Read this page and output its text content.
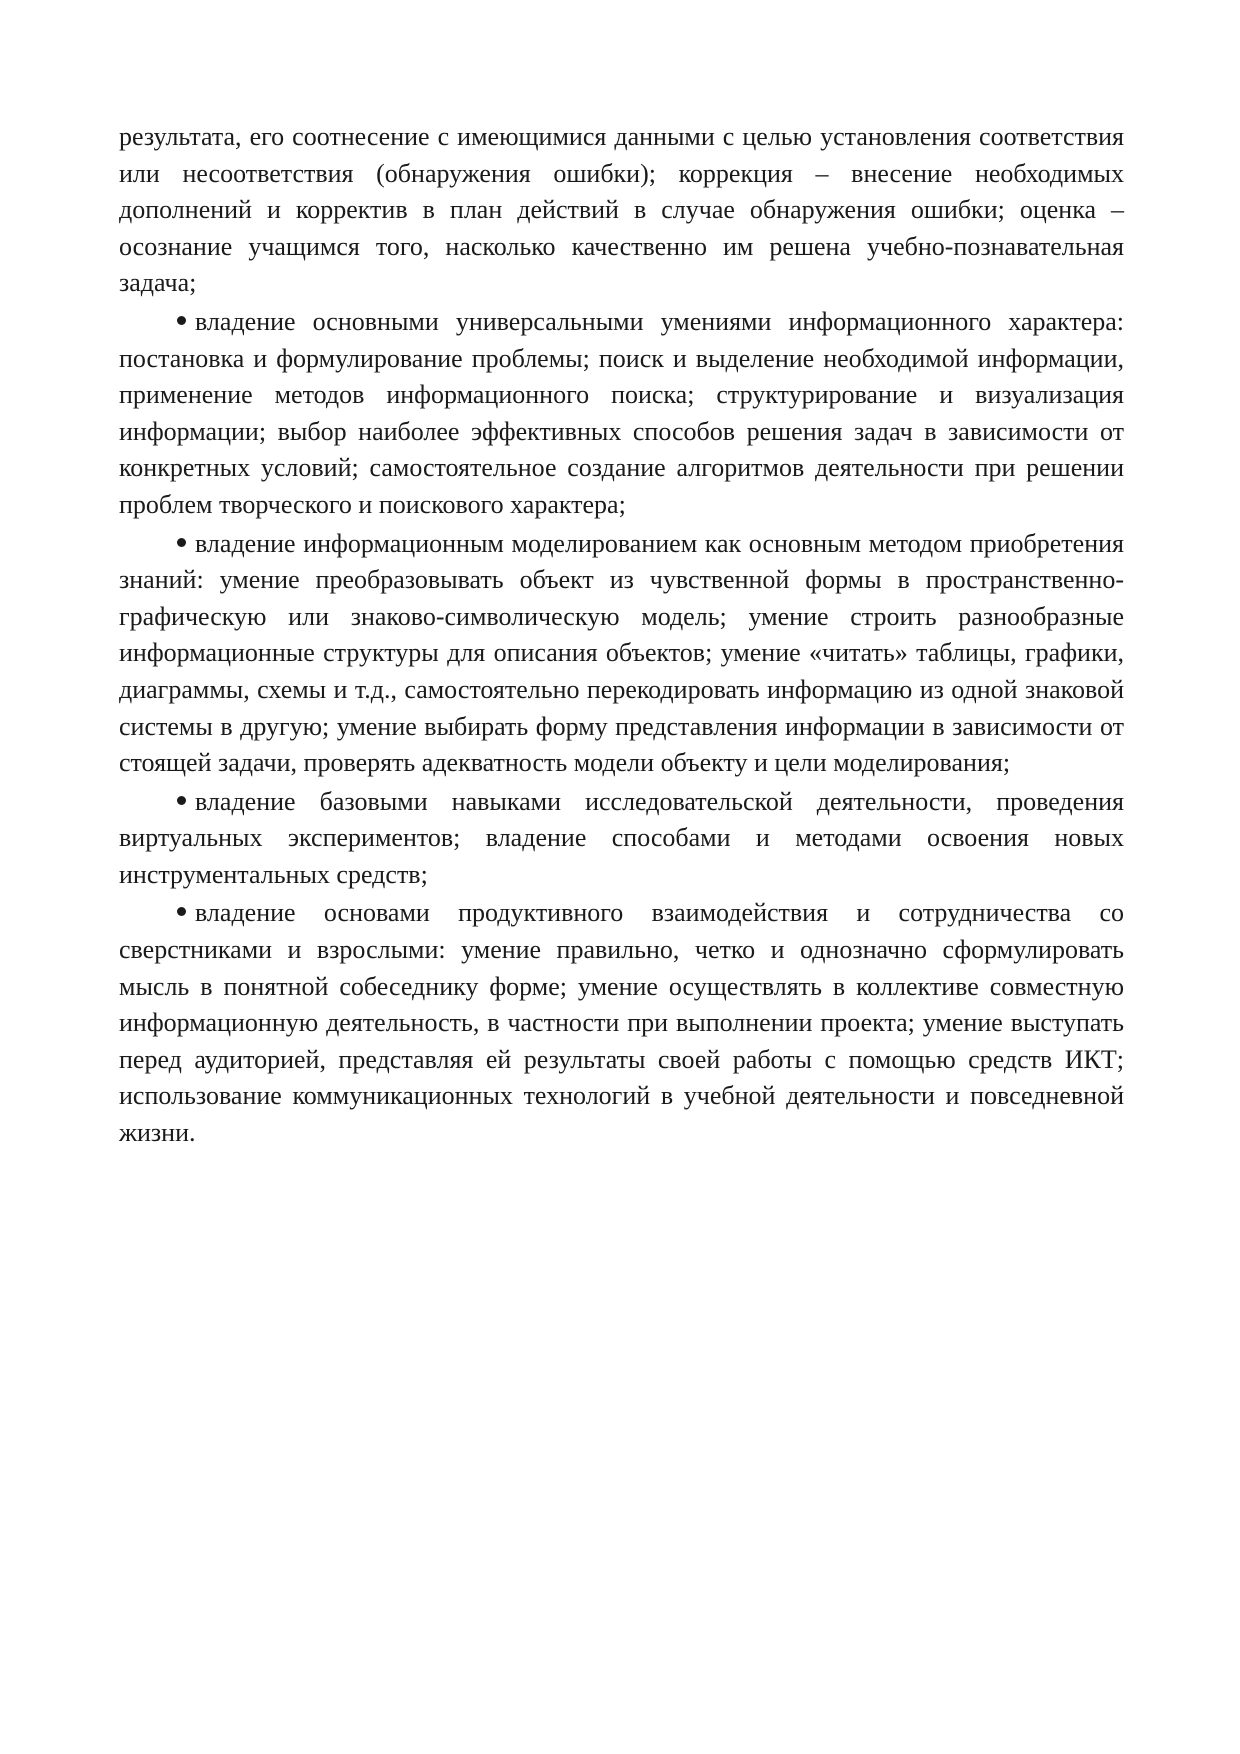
результата, его соотнесение с имеющимися данными с целью установления соответствия или несоответствия (обнаружения ошибки); коррекция – внесение необходимых дополнений и корректив в план действий в случае обнаружения ошибки; оценка – осознание учащимся того, насколько качественно им решена учебно-познавательная задача;

владение основными универсальными умениями информационного характера: постановка и формулирование проблемы; поиск и выделение необходимой информации, применение методов информационного поиска; структурирование и визуализация информации; выбор наиболее эффективных способов решения задач в зависимости от конкретных условий; самостоятельное создание алгоритмов деятельности при решении проблем творческого и поискового характера;

владение информационным моделированием как основным методом приобретения знаний: умение преобразовывать объект из чувственной формы в пространственно-графическую или знаково-символическую модель; умение строить разнообразные информационные структуры для описания объектов; умение «читать» таблицы, графики, диаграммы, схемы и т.д., самостоятельно перекодировать информацию из одной знаковой системы в другую; умение выбирать форму представления информации в зависимости от стоящей задачи, проверять адекватность модели объекту и цели моделирования;

владение базовыми навыками исследовательской деятельности, проведения виртуальных экспериментов; владение способами и методами освоения новых инструментальных средств;

владение основами продуктивного взаимодействия и сотрудничества со сверстниками и взрослыми: умение правильно, четко и однозначно сформулировать мысль в понятной собеседнику форме; умение осуществлять в коллективе совместную информационную деятельность, в частности при выполнении проекта; умение выступать перед аудиторией, представляя ей результаты своей работы с помощью средств ИКТ; использование коммуникационных технологий в учебной деятельности и повседневной жизни.
